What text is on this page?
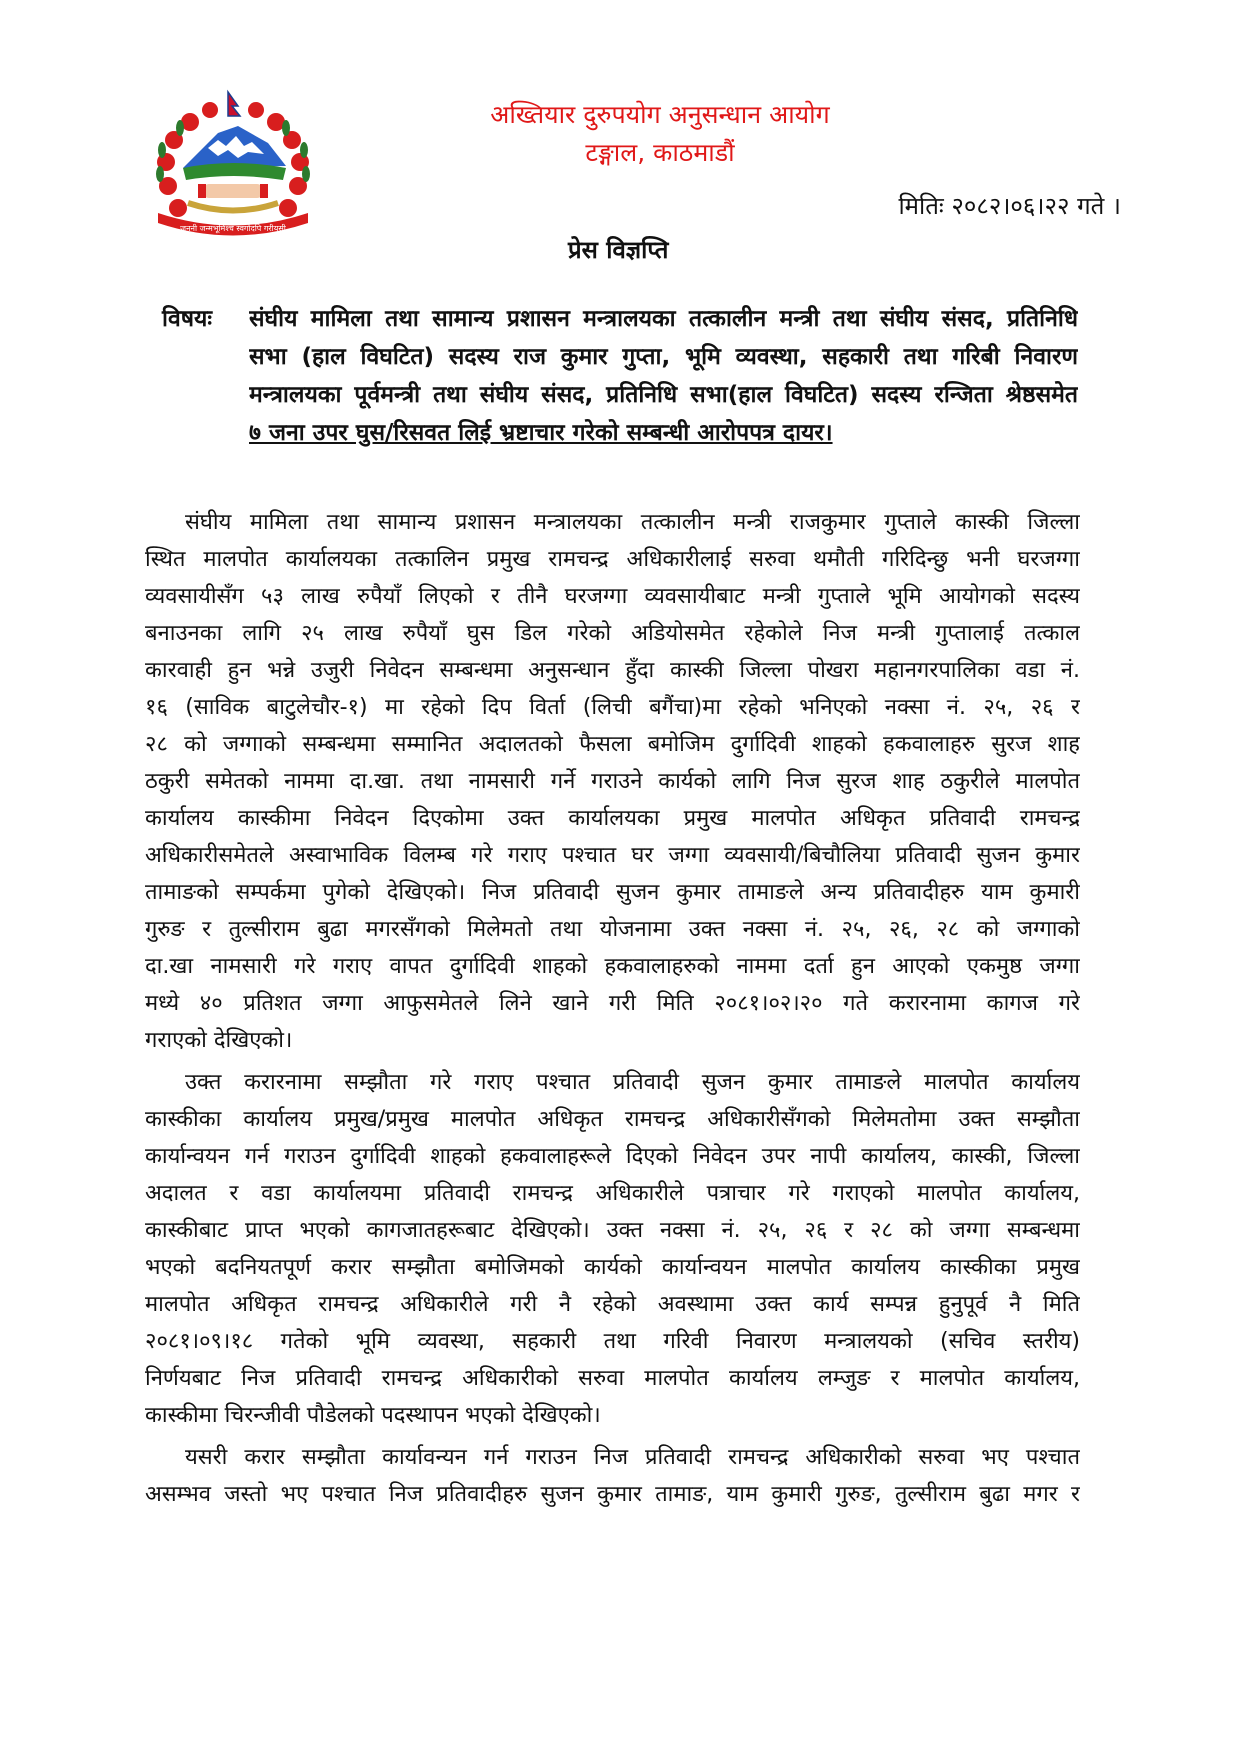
जननी जन्मभूमिश्च स्वर्गादपि गरीयसी
अख्तियार दुरुपयोग अनुसन्धान आयोग
टङ्गाल, काठमाडौं
मितिः २०८२।०६।२२ गते ।
प्रेस विज्ञप्ति
विषयः संघीय मामिला तथा सामान्य प्रशासन मन्त्रालयका तत्कालीन मन्त्री तथा संघीय संसद, प्रतिनिधि
सभा (हाल विघटित) सदस्य राज कुमार गुप्ता, भूमि व्यवस्था, सहकारी तथा गरिबी निवारण
मन्त्रालयका पूर्वमन्त्री तथा संघीय संसद, प्रतिनिधि सभा(हाल विघटित) सदस्य रन्जिता श्रेष्ठसमेत
७ जना उपर घुस/रिसवत लिई भ्रष्टाचार गरेको सम्बन्धी आरोपपत्र दायर।
संघीय मामिला तथा सामान्य प्रशासन मन्त्रालयका तत्कालीन मन्त्री राजकुमार गुप्ताले कास्की जिल्ला
स्थित मालपोत कार्यालयका तत्कालिन प्रमुख रामचन्द्र अधिकारीलाई सरुवा थमौती गरिदिन्छु भनी घरजग्गा
व्यवसायीसँग ५३ लाख रुपैयाँ लिएको र तीनै घरजग्गा व्यवसायीबाट मन्त्री गुप्ताले भूमि आयोगको सदस्य
बनाउनका लागि २५ लाख रुपैयाँ घुस डिल गरेको अडियोसमेत रहेकोले निज मन्त्री गुप्तालाई तत्काल
कारवाही हुन भन्ने उजुरी निवेदन सम्बन्धमा अनुसन्धान हुँदा कास्की जिल्ला पोखरा महानगरपालिका वडा नं.
१६ (साविक बाटुलेचौर-१) मा रहेको दिप विर्ता (लिची बगैंचा)मा रहेको भनिएको नक्सा नं. २५, २६ र
२८ को जग्गाको सम्बन्धमा सम्मानित अदालतको फैसला बमोजिम दुर्गादिवी शाहको हकवालाहरु सुरज शाह
ठकुरी समेतको नाममा दा.खा. तथा नामसारी गर्ने गराउने कार्यको लागि निज सुरज शाह ठकुरीले मालपोत
कार्यालय कास्कीमा निवेदन दिएकोमा उक्त कार्यालयका प्रमुख मालपोत अधिकृत प्रतिवादी रामचन्द्र
अधिकारीसमेतले अस्वाभाविक विलम्ब गरे गराए पश्चात घर जग्गा व्यवसायी/बिचौलिया प्रतिवादी सुजन कुमार
तामाङको सम्पर्कमा पुगेको देखिएको। निज प्रतिवादी सुजन कुमार तामाङले अन्य प्रतिवादीहरु याम कुमारी
गुरुङ र तुल्सीराम बुढा मगरसँगको मिलेमतो तथा योजनामा उक्त नक्सा नं. २५, २६, २८ को जग्गाको
दा.खा नामसारी गरे गराए वापत दुर्गादिवी शाहको हकवालाहरुको नाममा दर्ता हुन आएको एकमुष्ठ जग्गा
मध्ये ४० प्रतिशत जग्गा आफुसमेतले लिने खाने गरी मिति २०८१।०२।२० गते करारनामा कागज गरे
गराएको देखिएको।
उक्त करारनामा सम्झौता गरे गराए पश्चात प्रतिवादी सुजन कुमार तामाङले मालपोत कार्यालय
कास्कीका कार्यालय प्रमुख/प्रमुख मालपोत अधिकृत रामचन्द्र अधिकारीसँगको मिलेमतोमा उक्त सम्झौता
कार्यान्वयन गर्न गराउन दुर्गादिवी शाहको हकवालाहरूले दिएको निवेदन उपर नापी कार्यालय, कास्की, जिल्ला
अदालत र वडा कार्यालयमा प्रतिवादी रामचन्द्र अधिकारीले पत्राचार गरे गराएको मालपोत कार्यालय,
कास्कीबाट प्राप्त भएको कागजातहरूबाट देखिएको। उक्त नक्सा नं. २५, २६ र २८ को जग्गा सम्बन्धमा
भएको बदनियतपूर्ण करार सम्झौता बमोजिमको कार्यको कार्यान्वयन मालपोत कार्यालय कास्कीका प्रमुख
मालपोत अधिकृत रामचन्द्र अधिकारीले गरी नै रहेको अवस्थामा उक्त कार्य सम्पन्न हुनुपूर्व नै मिति
२०८१।०९।१८ गतेको भूमि व्यवस्था, सहकारी तथा गरिवी निवारण मन्त्रालयको (सचिव स्तरीय)
निर्णयबाट निज प्रतिवादी रामचन्द्र अधिकारीको सरुवा मालपोत कार्यालय लम्जुङ र मालपोत कार्यालय,
कास्कीमा चिरन्जीवी पौडेलको पदस्थापन भएको देखिएको।
यसरी करार सम्झौता कार्यावन्यन गर्न गराउन निज प्रतिवादी रामचन्द्र अधिकारीको सरुवा भए पश्चात
असम्भव जस्तो भए पश्चात निज प्रतिवादीहरु सुजन कुमार तामाङ, याम कुमारी गुरुङ, तुल्सीराम बुढा मगर र
